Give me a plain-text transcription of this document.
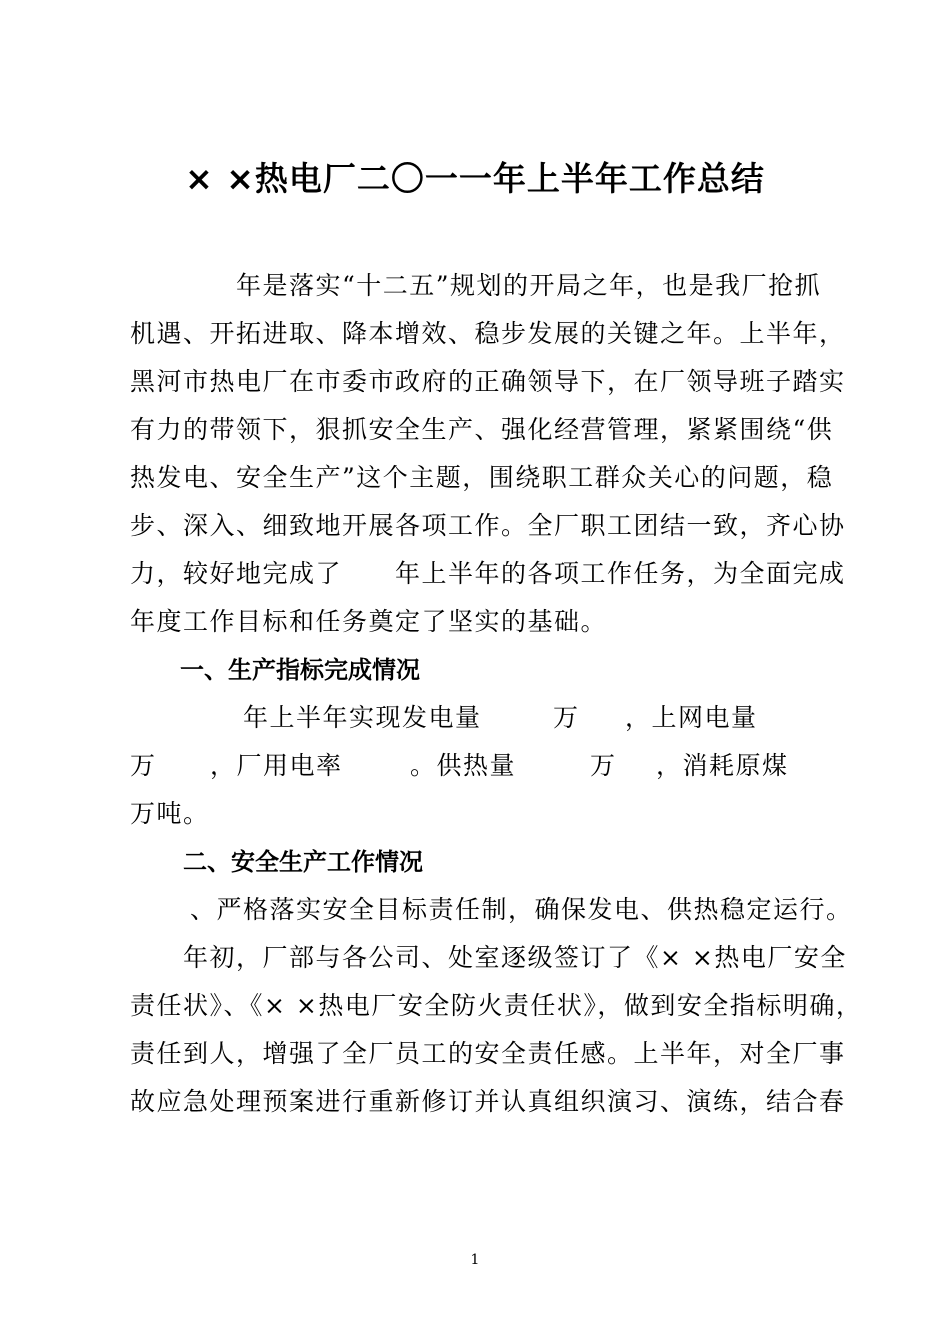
× ×热电厂二〇一一年上半年工作总结
年是落实“十二五”规划的开局之年，也是我厂抢抓
机遇、开拓进取、降本增效、稳步发展的关键之年。上半年，
黑河市热电厂在市委市政府的正确领导下，在厂领导班子踏实
有力的带领下，狠抓安全生产、强化经营管理，紧紧围绕“供
热发电、安全生产”这个主题，围绕职工群众关心的问题，稳
步、深入、细致地开展各项工作。全厂职工团结一致，齐心协
力，较好地完成了 年上半年的各项工作任务，为全面完成
年度工作目标和任务奠定了坚实的基础。
一、生产指标完成情况
年上半年实现发电量	万 ，上网电量
万 ，厂用电率	。供热量	万 ，消耗原煤
万吨。
二、安全生产工作情况
、严格落实安全目标责任制，确保发电、供热稳定运行。
年初，厂部与各公司、处室逐级签订了《× ×热电厂安全
责任状》、《× ×热电厂安全防火责任状》，做到安全指标明确，
责任到人，增强了全厂员工的安全责任感。上半年，对全厂事
故应急处理预案进行重新修订并认真组织演习、演练，结合春
1
